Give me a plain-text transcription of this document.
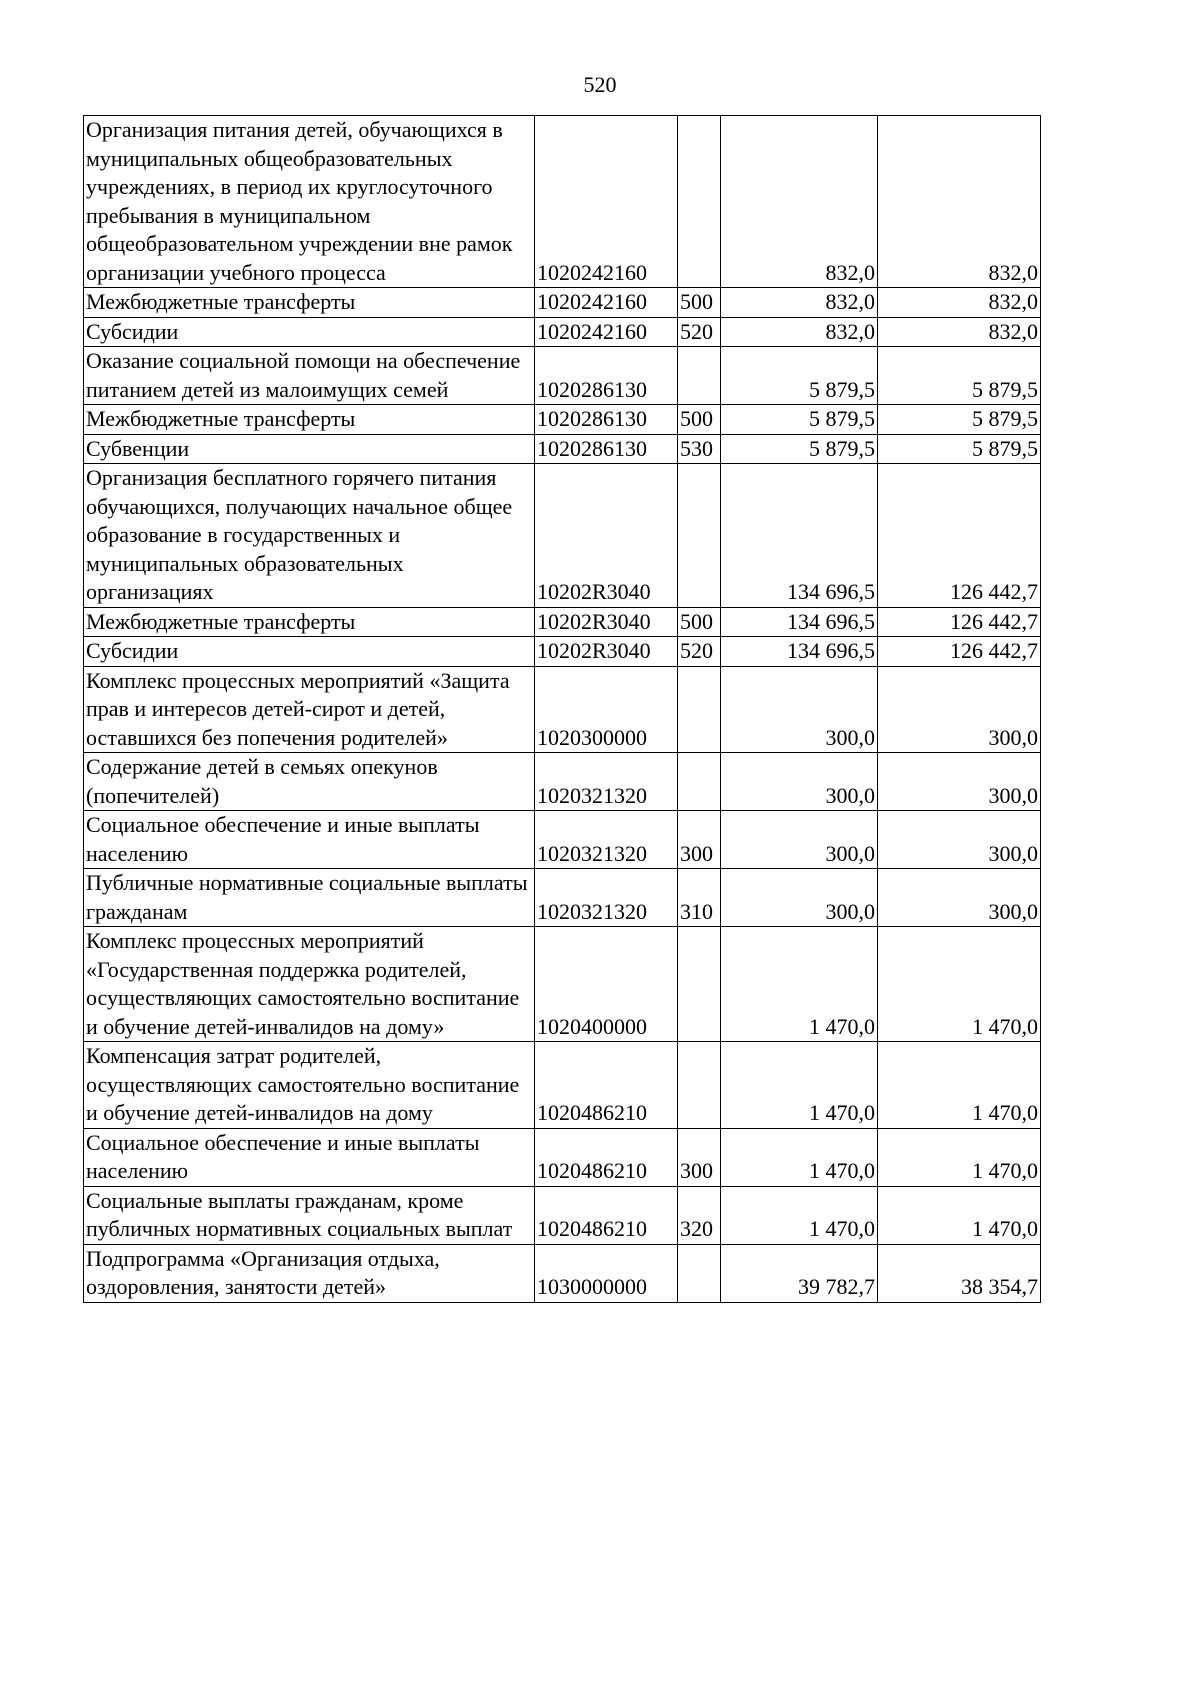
520
Организация питания детей, обучающихся в муниципальных общеобразовательных учреждениях, в период их круглосуточного пребывания в муниципальном общеобразовательном учреждении вне рамок организации учебного процесса	1020242160		832,0	832,0
Межбюджетные трансферты	1020242160	500	832,0	832,0
Субсидии	1020242160	520	832,0	832,0
Оказание социальной помощи на обеспечение питанием детей из малоимущих семей	1020286130		5 879,5	5 879,5
Межбюджетные трансферты	1020286130	500	5 879,5	5 879,5
Субвенции	1020286130	530	5 879,5	5 879,5
Организация бесплатного горячего питания обучающихся, получающих начальное общее образование в государственных и муниципальных образовательных организациях	10202R3040		134 696,5	126 442,7
Межбюджетные трансферты	10202R3040	500	134 696,5	126 442,7
Субсидии	10202R3040	520	134 696,5	126 442,7
Комплекс процессных мероприятий «Защита прав и интересов детей-сирот и детей, оставшихся без попечения родителей»	1020300000		300,0	300,0
Содержание детей в семьях опекунов (попечителей)	1020321320		300,0	300,0
Социальное обеспечение и иные выплаты населению	1020321320	300	300,0	300,0
Публичные нормативные социальные выплаты гражданам	1020321320	310	300,0	300,0
Комплекс процессных мероприятий «Государственная поддержка родителей, осуществляющих самостоятельно воспитание и обучение детей-инвалидов на дому»	1020400000		1 470,0	1 470,0
Компенсация затрат родителей, осуществляющих самостоятельно воспитание и обучение детей-инвалидов на дому	1020486210		1 470,0	1 470,0
Социальное обеспечение и иные выплаты населению	1020486210	300	1 470,0	1 470,0
Социальные выплаты гражданам, кроме публичных нормативных социальных выплат	1020486210	320	1 470,0	1 470,0
Подпрограмма «Организация отдыха, оздоровления, занятости детей»	1030000000		39 782,7	38 354,7
